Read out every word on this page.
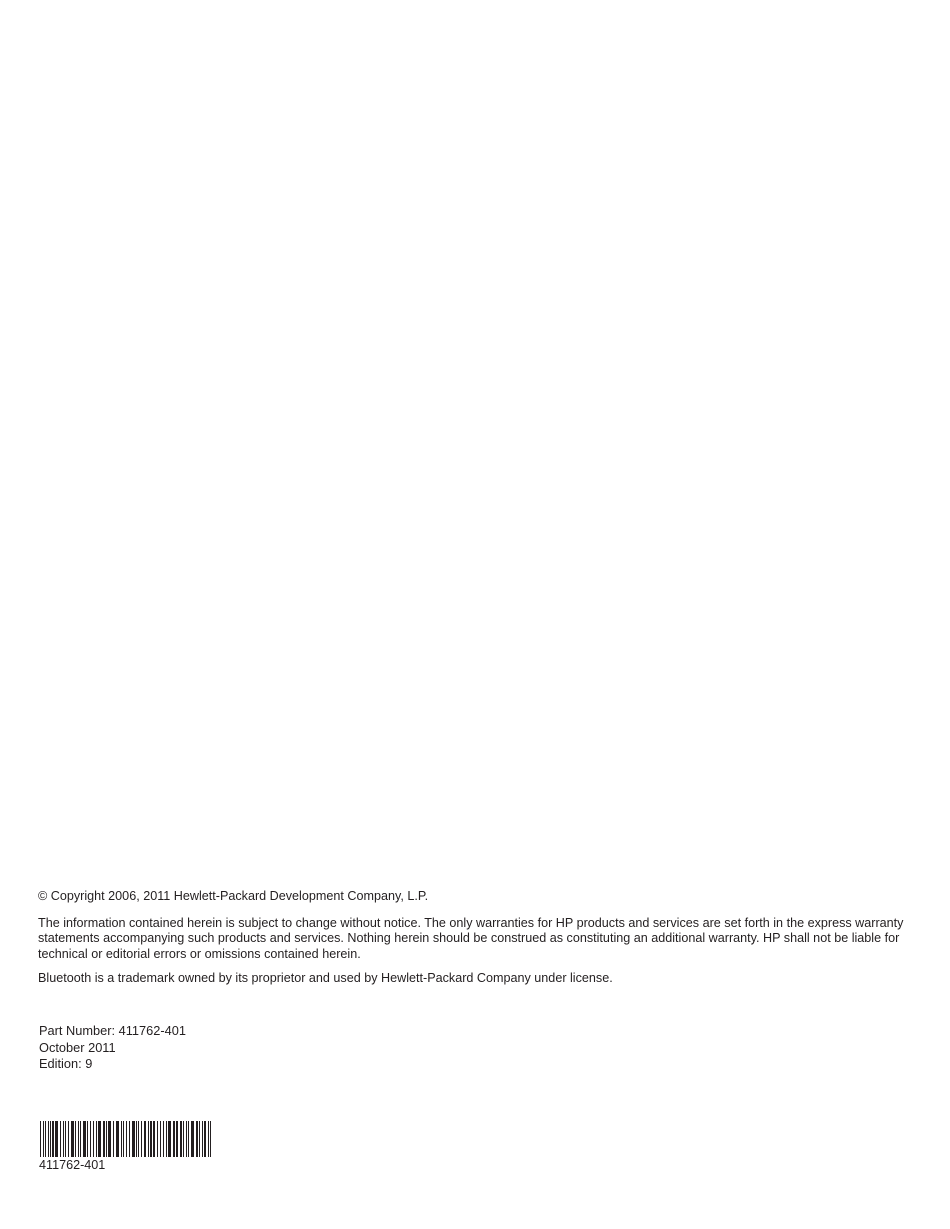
© Copyright 2006, 2011 Hewlett-Packard Development Company, L.P.

The information contained herein is subject to change without notice. The only warranties for HP products and services are set forth in the express warranty statements accompanying such products and services. Nothing herein should be construed as constituting an additional warranty. HP shall not be liable for technical or editorial errors or omissions contained herein.

Bluetooth is a trademark owned by its proprietor and used by Hewlett-Packard Company under license.

Part Number: 411762-401
October 2011
Edition: 9
411762-401
